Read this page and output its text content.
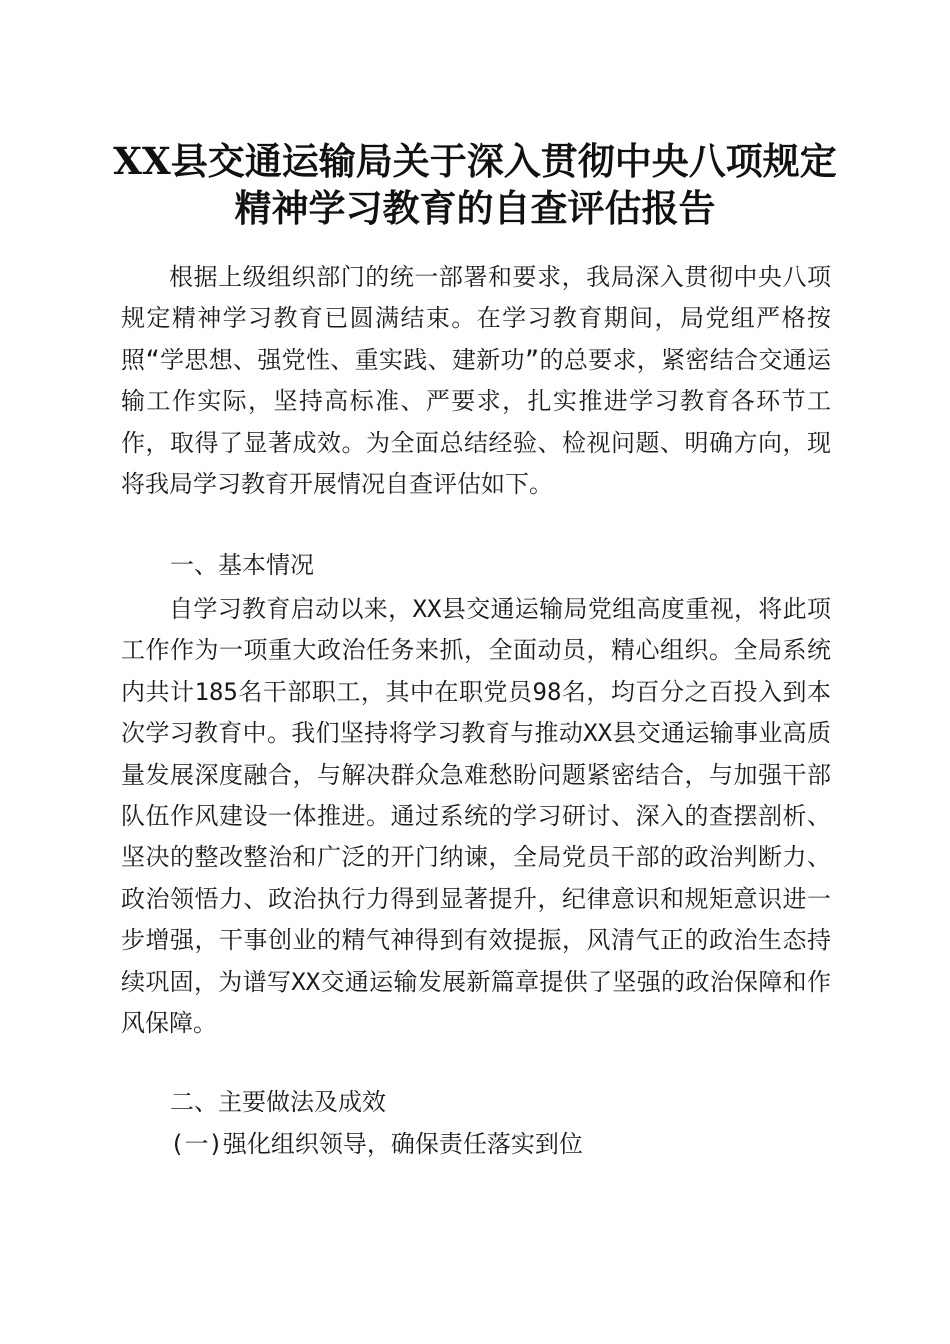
XX县交通运输局关于深入贯彻中央八项规定
精神学习教育的自查评估报告

根据上级组织部门的统一部署和要求，我局深入贯彻中央八项规定精神学习教育已圆满结束。在学习教育期间，局党组严格按照“学思想、强党性、重实践、建新功”的总要求，紧密结合交通运输工作实际，坚持高标准、严要求，扎实推进学习教育各环节工作，取得了显著成效。为全面总结经验、检视问题、明确方向，现将我局学习教育开展情况自查评估如下。

一、基本情况

自学习教育启动以来，XX县交通运输局党组高度重视，将此项工作作为一项重大政治任务来抓，全面动员，精心组织。全局系统内共计185名干部职工，其中在职党员98名，均百分之百投入到本次学习教育中。我们坚持将学习教育与推动XX县交通运输事业高质量发展深度融合，与解决群众急难愁盼问题紧密结合，与加强干部队伍作风建设一体推进。通过系统的学习研讨、深入的查摆剖析、坚决的整改整治和广泛的开门纳谏，全局党员干部的政治判断力、政治领悟力、政治执行力得到显著提升，纪律意识和规矩意识进一步增强，干事创业的精气神得到有效提振，风清气正的政治生态持续巩固，为谱写XX交通运输发展新篇章提供了坚强的政治保障和作风保障。

二、主要做法及成效
(一)强化组织领导，确保责任落实到位
